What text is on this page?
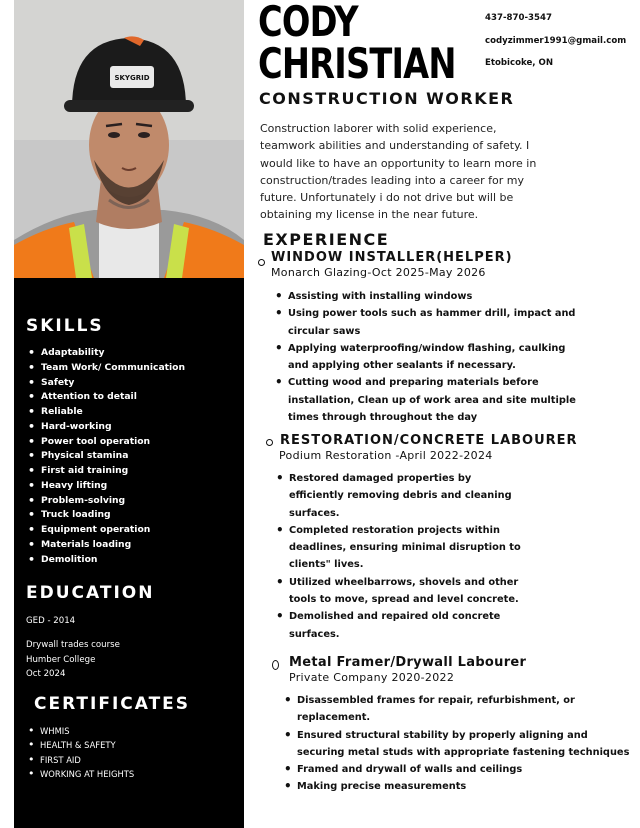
SKYGRID
SKILLS
• Adaptability
• Team Work/ Communication
• Safety
• Attention to detail
• Reliable
• Hard-working
• Power tool operation
• Physical stamina
• First aid training
• Heavy lifting
• Problem-solving
• Truck loading
• Equipment operation
• Materials loading
• Demolition
EDUCATION
GED - 2014
Drywall trades course
Humber College
Oct 2024
CERTIFICATES
• WHMIS
• HEALTH & SAFETY
• FIRST AID
• WORKING AT HEIGHTS
CODY
CHRISTIAN
437-870-3547
codyzimmer1991@gmail.com
Etobicoke, ON
CONSTRUCTION WORKER

Construction laborer with solid experience, teamwork abilities and understanding of safety. I would like to have an opportunity to learn more in construction/trades leading into a career for my future. Unfortunately i do not drive but will be obtaining my license in the near future.

EXPERIENCE
WINDOW INSTALLER(HELPER)
Monarch Glazing-Oct 2025-May 2026
• Assisting with installing windows
• Using power tools such as hammer drill, impact and
circular saws
• Applying waterproofing/window flashing, caulking
and applying other sealants if necessary.
• Cutting wood and preparing materials before
installation, Clean up of work area and site multiple
times through throughout the day
RESTORATION/CONCRETE LABOURER
Podium Restoration -April 2022-2024
• Restored damaged properties by
efficiently removing debris and cleaning
surfaces.
• Completed restoration projects within
deadlines, ensuring minimal disruption to
clients" lives.
• Utilized wheelbarrows, shovels and other
tools to move, spread and level concrete.
• Demolished and repaired old concrete
surfaces.
Metal Framer/Drywall Labourer
Private Company 2020-2022
• Disassembled frames for repair, refurbishment, or
replacement.
• Ensured structural stability by properly aligning and
securing metal studs with appropriate fastening techniques
• Framed and drywall of walls and ceilings
• Making precise measurements
